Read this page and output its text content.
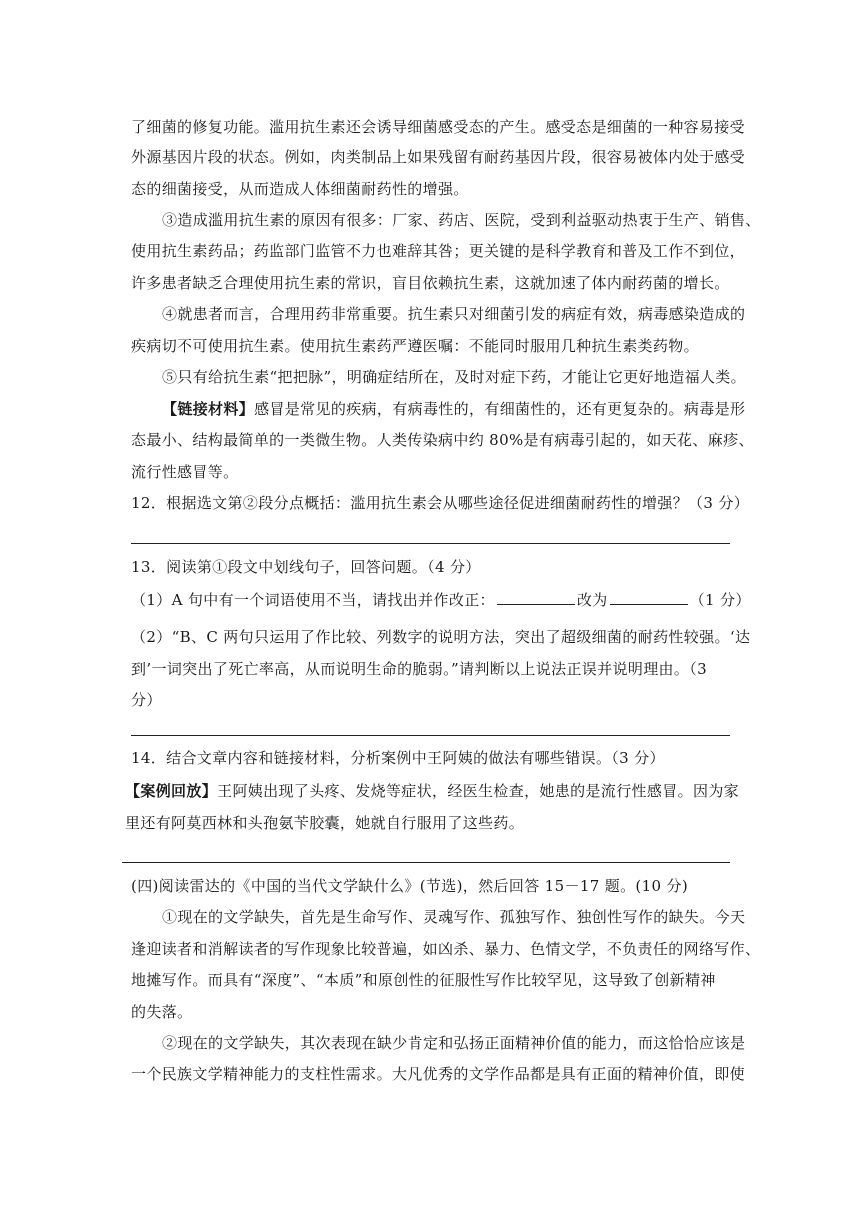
了细菌的修复功能。滥用抗生素还会诱导细菌感受态的产生。感受态是细菌的一种容易接受
外源基因片段的状态。例如，肉类制品上如果残留有耐药基因片段，很容易被体内处于感受
态的细菌接受，从而造成人体细菌耐药性的增强。
③造成滥用抗生素的原因有很多：厂家、药店、医院，受到利益驱动热衷于生产、销售、
使用抗生素药品；药监部门监管不力也难辞其咎；更关键的是科学教育和普及工作不到位，
许多患者缺乏合理使用抗生素的常识，盲目依赖抗生素，这就加速了体内耐药菌的增长。
④就患者而言，合理用药非常重要。抗生素只对细菌引发的病症有效，病毒感染造成的
疾病切不可使用抗生素。使用抗生素药严遵医嘱：不能同时服用几种抗生素类药物。
⑤只有给抗生素“把把脉”，明确症结所在，及时对症下药，才能让它更好地造福人类。
【链接材料】感冒是常见的疾病，有病毒性的，有细菌性的，还有更复杂的。病毒是形
态最小、结构最简单的一类微生物。人类传染病中约 80%是有病毒引起的，如天花、麻疹、
流行性感冒等。
12．根据选文第②段分点概括：滥用抗生素会从哪些途径促进细菌耐药性的增强？（3 分）
13．阅读第①段文中划线句子，回答问题。（4 分）
（1）A 句中有一个词语使用不当，请找出并作改正：	改为	（1 分）
（2）“B、C 两句只运用了作比较、列数字的说明方法，突出了超级细菌的耐药性较强。‘达
到’一词突出了死亡率高，从而说明生命的脆弱。”请判断以上说法正误并说明理由。（3
分）
14．结合文章内容和链接材料，分析案例中王阿姨的做法有哪些错误。（3 分）
【案例回放】王阿姨出现了头疼、发烧等症状，经医生检查，她患的是流行性感冒。因为家
里还有阿莫西林和头孢氨苄胶囊，她就自行服用了这些药。
(四)阅读雷达的《中国的当代文学缺什么》(节选)，然后回答 15－17 题。(10 分)
①现在的文学缺失，首先是生命写作、灵魂写作、孤独写作、独创性写作的缺失。今天
逢迎读者和消解读者的写作现象比较普遍，如凶杀、暴力、色情文学，不负责任的网络写作、
地摊写作。而具有“深度”、“本质”和原创性的征服性写作比较罕见，这导致了创新精神
的失落。
②现在的文学缺失，其次表现在缺少肯定和弘扬正面精神价值的能力，而这恰恰应该是
一个民族文学精神能力的支柱性需求。大凡优秀的文学作品都是具有正面的精神价值，即使
